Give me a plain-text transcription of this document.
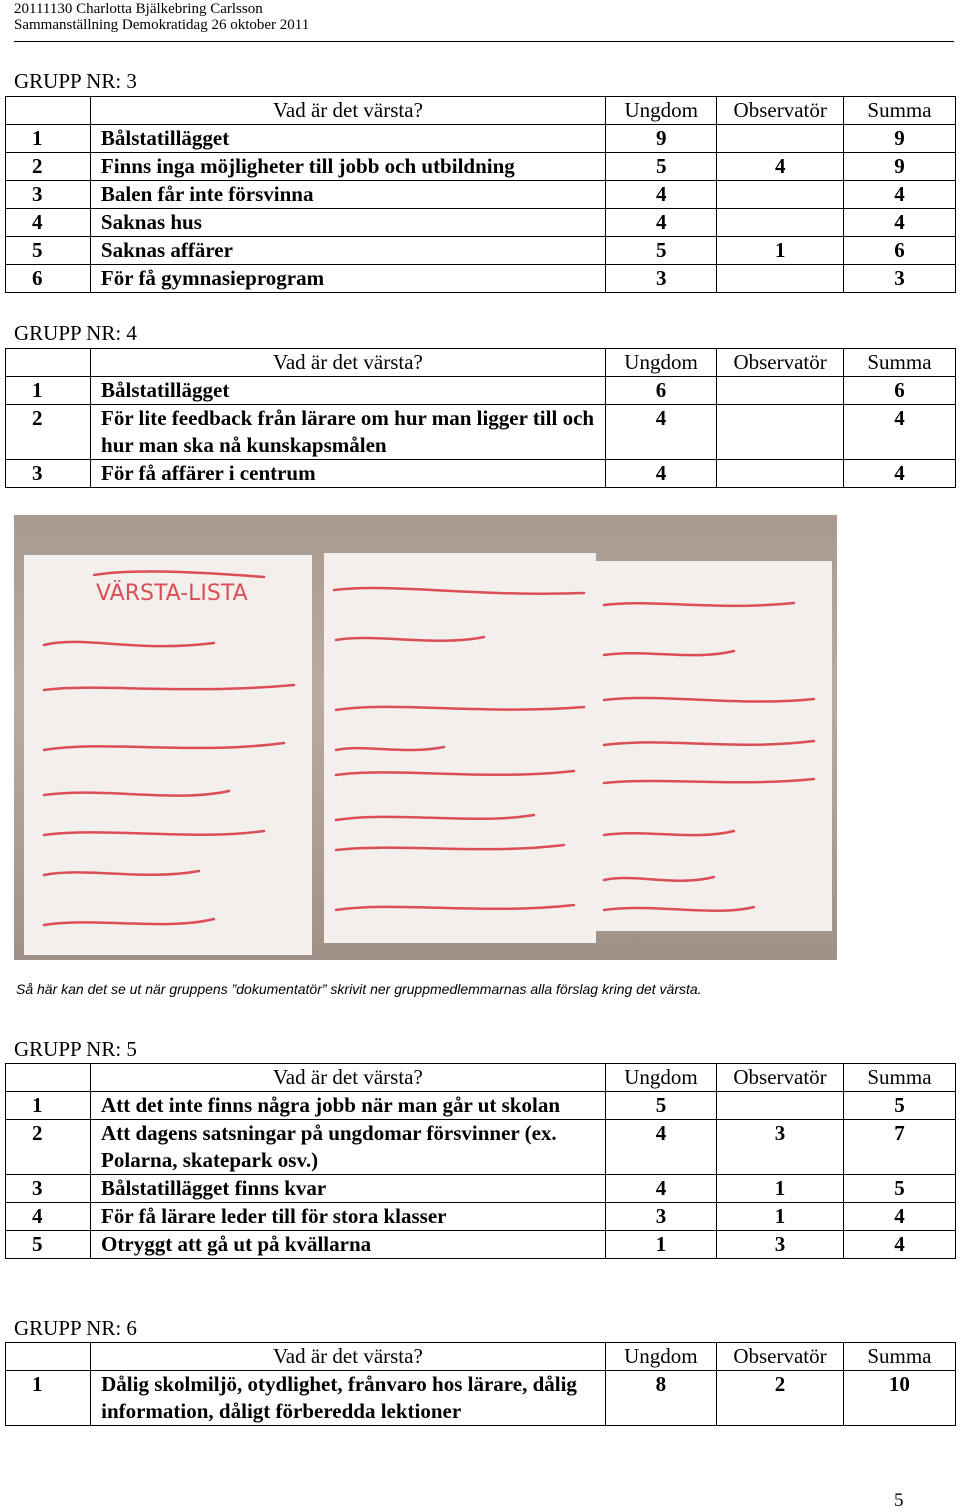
20111130 Charlotta Bjälkebring Carlsson
Sammanställning Demokratidag 26 oktober 2011
GRUPP NR: 3
	Vad är det värsta?	Ungdom	Observatör	Summa
1	Bålstatillägget	9		9
2	Finns inga möjligheter till jobb och utbildning	5	4	9
3	Balen får inte försvinna	4		4
4	Saknas hus	4		4
5	Saknas affärer	5	1	6
6	För få gymnasieprogram	3		3
GRUPP NR: 4
	Vad är det värsta?	Ungdom	Observatör	Summa
1	Bålstatillägget	6		6
2	För lite feedback från lärare om hur man ligger till och hur man ska nå kunskapsmålen	4		4
3	För få affärer i centrum	4		4
VÄRSTA-LISTA
Så här kan det se ut när gruppens ”dokumentatör” skrivit ner gruppmedlemmarnas alla förslag kring det värsta.
GRUPP NR: 5
	Vad är det värsta?	Ungdom	Observatör	Summa
1	Att det inte finns några jobb när man går ut skolan	5		5
2	Att dagens satsningar på ungdomar försvinner (ex. Polarna, skatepark osv.)	4	3	7
3	Bålstatillägget finns kvar	4	1	5
4	För få lärare leder till för stora klasser	3	1	4
5	Otryggt att gå ut på kvällarna	1	3	4
GRUPP NR: 6
	Vad är det värsta?	Ungdom	Observatör	Summa
1	Dålig skolmiljö, otydlighet, frånvaro hos lärare, dålig information, dåligt förberedda lektioner	8	2	10
5
